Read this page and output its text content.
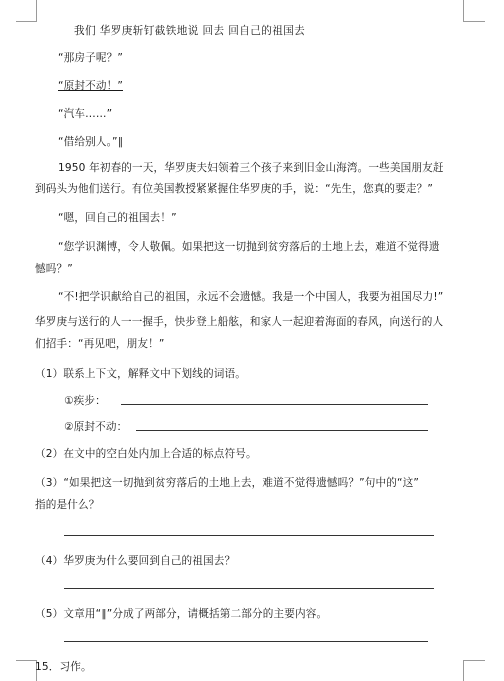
我们 华罗庚斩钉截铁地说 回去 回自己的祖国去
“那房子呢？”
“原封不动！”
“汽车……”
“借给别人。”∥
1950 年初春的一天，华罗庚夫妇领着三个孩子来到旧金山海湾。一些美国朋友赶
到码头为他们送行。有位美国教授紧紧握住华罗庚的手，说：“先生，您真的要走？”
“嗯，回自己的祖国去！”
“您学识渊博，令人敬佩。如果把这一切抛到贫穷落后的土地上去，难道不觉得遗
憾吗？”
“不!把学识献给自己的祖国，永远不会遗憾。我是一个中国人，我要为祖国尽力!”
华罗庚与送行的人一一握手，快步登上船舷，和家人一起迎着海面的春风，向送行的人
们招手：“再见吧，朋友！”
（1）联系上下文，解释文中下划线的词语。
①疾步：
②原封不动：
（2）在文中的空白处内加上合适的标点符号。
（3）“如果把这一切抛到贫穷落后的土地上去，难道不觉得遗憾吗？”句中的“这”
指的是什么？
（4）华罗庚为什么要回到自己的祖国去？
（5）文章用“∥”分成了两部分，请概括第二部分的主要内容。
15．习作。
